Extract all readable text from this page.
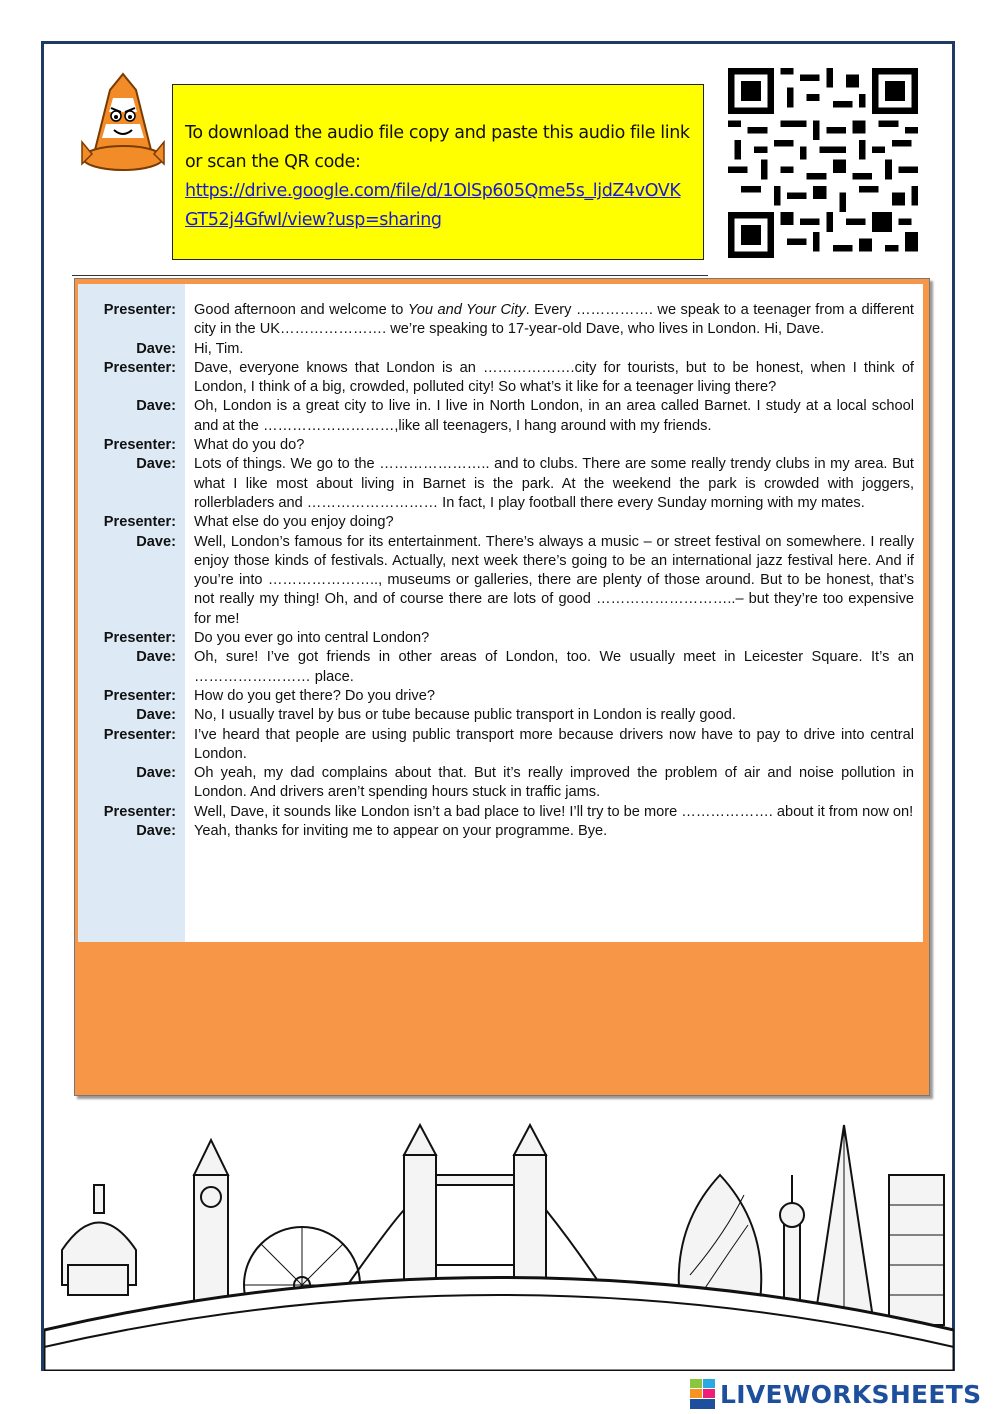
To download the audio file copy and paste this audio file link or scan the QR code:
https://drive.google.com/file/d/1OlSp605Qme5s_ljdZ4vOVKGT52j4GfwI/view?usp=sharing
Presenter:	Good afternoon and welcome to You and Your City. Every ……………. we speak to a teenager from a different city in the UK…………………. we’re speaking to 17-year-old Dave, who lives in London. Hi, Dave.
Dave:	Hi, Tim.
Presenter:	Dave, everyone knows that London is an ……………….city for tourists, but to be honest, when I think of London, I think of a big, crowded, polluted city! So what’s it like for a teenager living there?
Dave:	Oh, London is a great city to live in. I live in North London, in an area called Barnet. I study at a local school and at the ………………………,like all teenagers, I hang around with my friends.
Presenter:	What do you do?
Dave:	Lots of things. We go to the ………………….. and to clubs. There are some really trendy clubs in my area. But what I like most about living in Barnet is the park. At the weekend the park is crowded with joggers, rollerbladers and ……………………… In fact, I play football there every Sunday morning with my mates.
Presenter:	What else do you enjoy doing?
Dave:	Well, London’s famous for its entertainment. There’s always a music – or street festival on somewhere. I really enjoy those kinds of festivals. Actually, next week there’s going to be an international jazz festival here. And if you’re into ………………….., museums or galleries, there are plenty of those around. But to be honest, that’s not really my thing! Oh, and of course there are lots of good ………………………..– but they’re too expensive for me!
Presenter:	Do you ever go into central London?
Dave:	Oh, sure! I’ve got friends in other areas of London, too. We usually meet in Leicester Square. It’s an …………………… place.
Presenter:	How do you get there? Do you drive?
Dave:	No, I usually travel by bus or tube because public transport in London is really good.
Presenter:	I’ve heard that people are using public transport more because drivers now have to pay to drive into central London.
Dave:	Oh yeah, my dad complains about that. But it’s really improved the problem of air and noise pollution in London. And drivers aren’t spending hours stuck in traffic jams.
Presenter:	Well, Dave, it sounds like London isn’t a bad place to live! I’ll try to be more ………………. about it from now on!
Dave:	Yeah, thanks for inviting me to appear on your programme. Bye.
LIVEWORKSHEETS
